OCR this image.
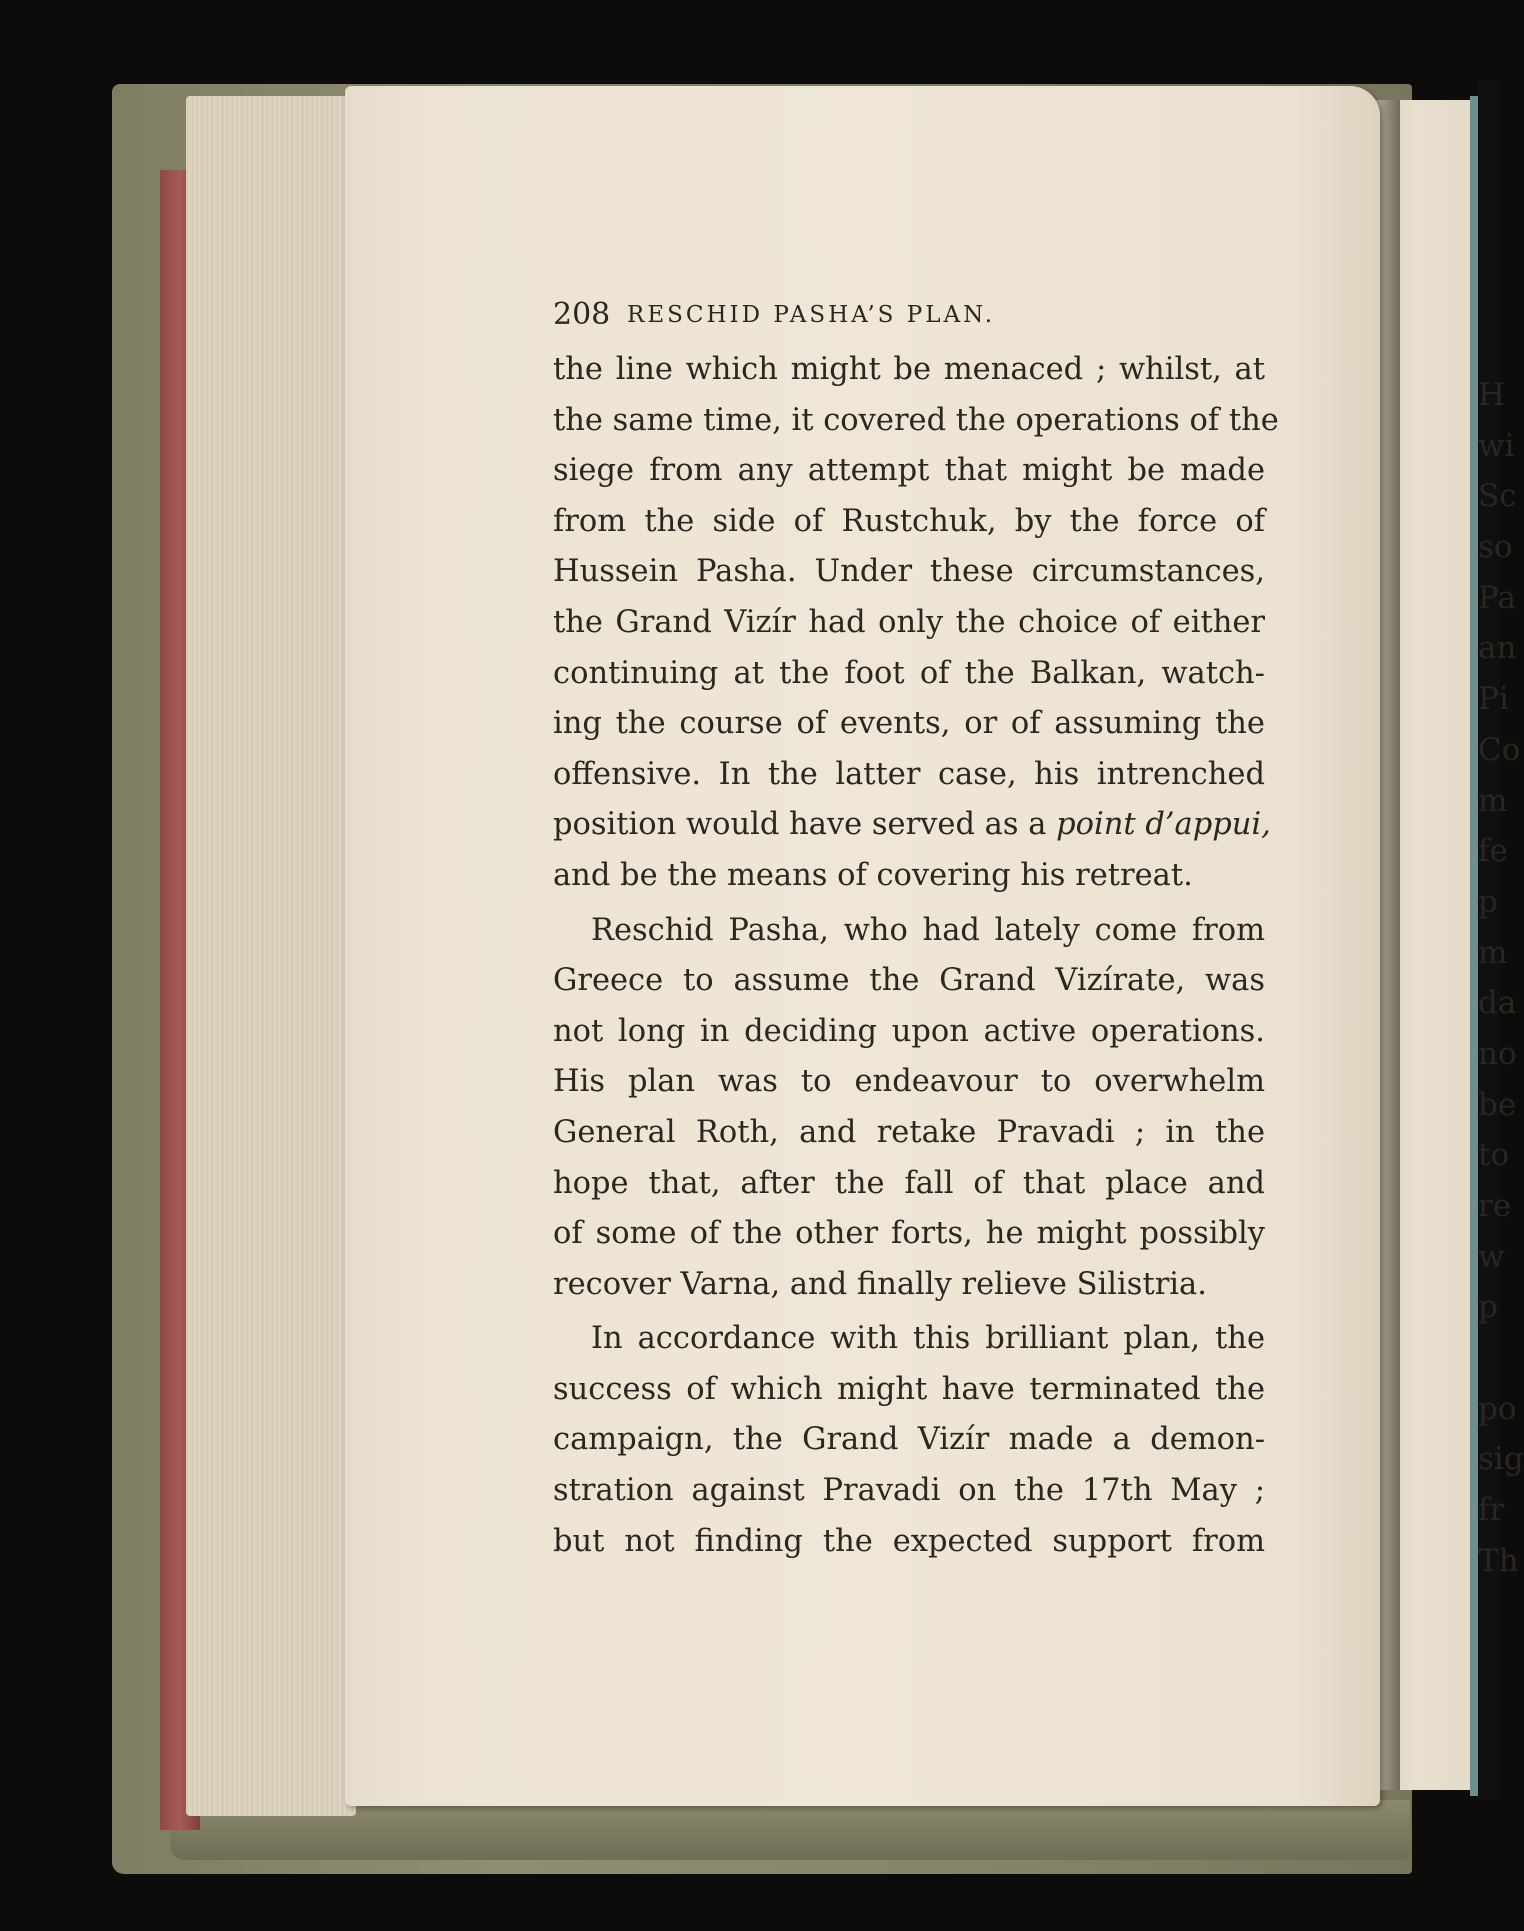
H
wi
Sc
so
Pa
an
Pi
Co
m
fe
p
m
da
no
be
to
re
w
p
po
sig
fr
Th
208 RESCHID PASHA’S PLAN.
the line which might be menaced ; whilst, at
the same time, it covered the operations of the
siege from any attempt that might be made
from the side of Rustchuk, by the force of
Hussein Pasha. Under these circumstances,
the Grand Vizír had only the choice of either
continuing at the foot of the Balkan, watch-
ing the course of events, or of assuming the
offensive. In the latter case, his intrenched
position would have served as a point d’appui,
and be the means of covering his retreat.
Reschid Pasha, who had lately come from
Greece to assume the Grand Vizírate, was
not long in deciding upon active operations.
His plan was to endeavour to overwhelm
General Roth, and retake Pravadi ; in the
hope that, after the fall of that place and
of some of the other forts, he might possibly
recover Varna, and finally relieve Silistria.
In accordance with this brilliant plan, the
success of which might have terminated the
campaign, the Grand Vizír made a demon-
stration against Pravadi on the 17th May ;
but not finding the expected support from
